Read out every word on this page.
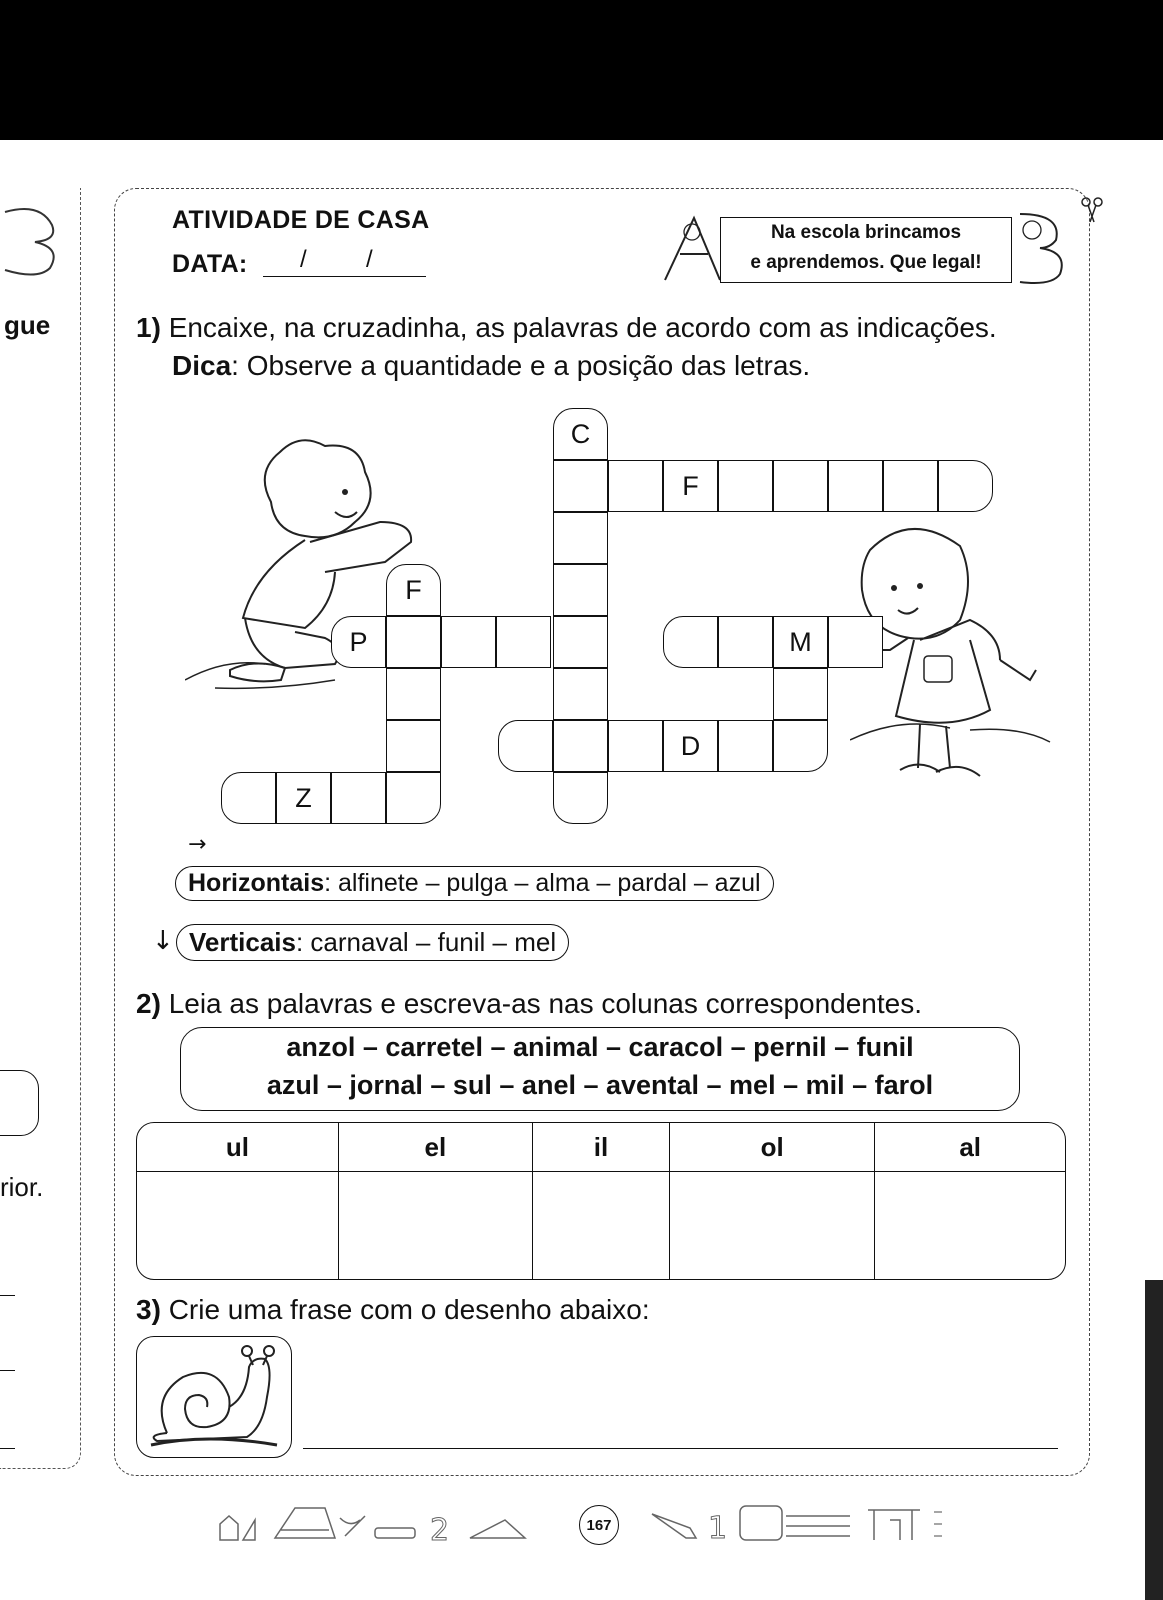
gue
rior.
ATIVIDADE DE CASA
DATA: / /
Na escola brincamos
e aprendemos. Que legal!
1) Encaixe, na cruzadinha, as palavras de acordo com as indicações.
Dica: Observe a quantidade e a posição das letras.
C
F
F
P	M
D
Z
→
Horizontais: alfinete – pulga – alma – pardal – azul
↓ Verticais: carnaval – funil – mel
2) Leia as palavras e escreva-as nas colunas correspondentes.
anzol – carretel – animal – caracol – pernil – funil
azul – jornal – sul – anel – avental – mel – mil – farol
ul	el	il	ol	al

3) Crie uma frase com o desenho abaixo:
2	167	1
